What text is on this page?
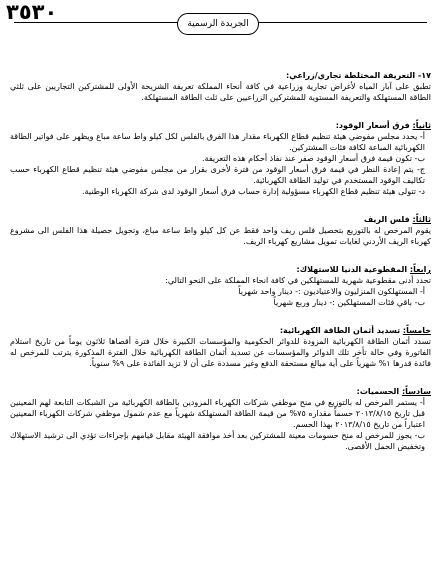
٣٥٣٠	الجريدة الرسمية
١٧- التعريفة المختلطة تجاري/زراعي:
تطبق على آبار المياه لأغراض تجارية وزراعية في كافة أنحاء المملكة تعريفة الشريحة الأولى للمشتركين التجاريين على ثلثي الطاقة المستهلكة والتعريفة المستوية للمشتركين الزراعيين على ثلث الطاقة المستهلكة.
ثانياً: فرق أسعار الوقود:
أ- يحدد مجلس مفوضي هيئة تنظيم قطاع الكهرباء مقدار هذا الفرق بالفلس لكل كيلو واط ساعة مباع ويظهر على فواتير الطاقة الكهربائية المباعة لكافة فئات المشتركين.
ب- تكون قيمة فرق أسعار الوقود صفر عند نفاذ أحكام هذه التعريفة.
ج- يتم إعادة النظر في قيمة فرق أسعار الوقود من فترة لأخرى بقرار من مجلس مفوضي هيئة تنظيم قطاع الكهرباء حسب تكاليف الوقود المستخدم في توليد الطاقة الكهربائية.
د- تتولى هيئة تنظيم قطاع الكهرباء مسؤولية إدارة حساب فرق أسعار الوقود لدى شركة الكهرباء الوطنية.
ثالثاً: فلس الريف
يقوم المرخص له بالتوزيع بتحصيل فلس ريف واحد فقط عن كل كيلو واط ساعة مباع، وتحويل حصيلة هذا الفلس الى مشروع كهرباء الريف الأردني لغايات تمويل مشاريع كهرباء الريف.
رابعاً: المقطوعية الدنيا للاستهلاك:
تحدد أدنى مقطوعية شهرية للمستهلكين في كافة انحاء المملكة على النحو التالي:
أ- المستهلكون المنزليون والاعتياديون :- دينار واحد شهرياً
ب- باقي فئات المستهلكين :- دينار وربع شهرياً
خامساً: تسديد أثمان الطاقة الكهربائية:
تسدد أثمان الطاقة الكهربائية المزودة للدوائر الحكومية والمؤسسات الكبيرة خلال فترة أقصاها ثلاثون يوماً من تاريخ استلام الفاتورة وفي حالة تأخر تلك الدوائر والمؤسسات عن تسديد أثمان الطاقة الكهربائية خلال الفترة المذكورة يترتب للمرخص له فائدة قدرها ١% شهرياً على أية مبالغ مستحقة الدفع وغير مسددة على أن لا تزيد الفائدة على ٩% سنوياً.
سادساً: الحسميات:
أ- يستمر المرخص له بالتوزيع في منح موظفي شركات الكهرباء المزودين بالطاقة الكهربائية من الشبكات التابعة لهم المعينين قبل تاريخ ٢٠١٣/٨/١٥ حسماً مقداره ٧٥% من قيمة الطاقة المستهلكة شهرياً مع عدم شمول موظفي شركات الكهرباء المعينين اعتباراً من تاريخ ٢٠١٣/٨/١٥ بهذا الحسم.
ب- يجوز للمرخص له منح حسومات معينة للمشتركين بعد أخذ موافقة الهيئة مقابل قيامهم بإجراءات تؤدي الى ترشيد الاستهلاك وتخفيض الحمل الأقصى.
